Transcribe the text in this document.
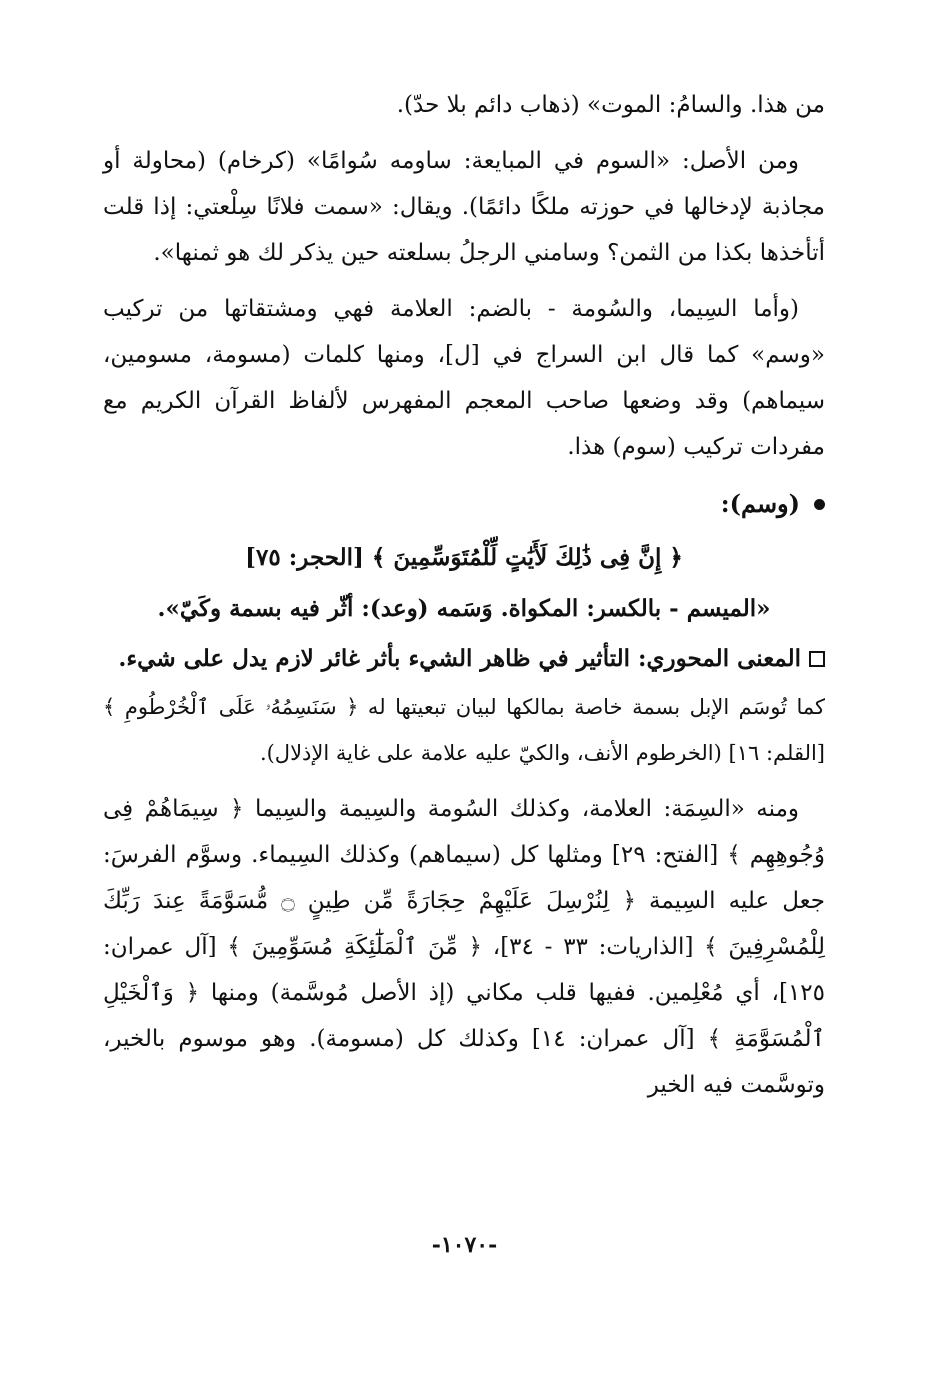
من هذا. والسامُ: الموت» (ذهاب دائم بلا حدّ).

ومن الأصل: «السوم في المبايعة: ساومه سُوامًا» (كرخام) (محاولة أو مجاذبة لإدخالها في حوزته ملكًا دائمًا). ويقال: «سمت فلانًا سِلْعتي: إذا قلت أتأخذها بكذا من الثمن؟ وسامني الرجلُ بسلعته حين يذكر لك هو ثمنها».

(وأما السِيما، والسُومة - بالضم: العلامة فهي ومشتقاتها من تركيب «وسم» كما قال ابن السراج في [ل]، ومنها كلمات (مسومة، مسومين، سيماهم) وقد وضعها صاحب المعجم المفهرس لألفاظ القرآن الكريم مع مفردات تركيب (سوم) هذا.

(وسم):

﴿ إِنَّ فِى ذَٰلِكَ لَأَيَٰتٍ لِّلْمُتَوَسِّمِينَ ﴾ [الحجر: ٧٥]

«الميسم - بالكسر: المكواة. وَسَمه (وعد): أثّر فيه بسمة وكَيّ».

المعنى المحوري: التأثير في ظاهر الشيء بأثر غائر لازم يدل على شيء.

كما تُوسَم الإبل بسمة خاصة بمالكها لبيان تبعيتها له ﴿ سَنَسِمُهُۥ عَلَى ٱلْخُرْطُومِ ﴾ [القلم: ١٦] (الخرطوم الأنف، والكيّ عليه علامة على غاية الإذلال).

ومنه «السِمَة: العلامة، وكذلك السُومة والسِيمة والسِيما ﴿ سِيمَاهُمْ فِى وُجُوهِهِم ﴾ [الفتح: ٢٩] ومثلها كل (سيماهم) وكذلك السِيماء. وسوَّم الفرسَ: جعل عليه السِيمة ﴿ لِنُرْسِلَ عَلَيْهِمْ حِجَارَةً مِّن طِينٍ ۝ مُّسَوَّمَةً عِندَ رَبِّكَ لِلْمُسْرِفِينَ ﴾ [الذاريات: ٣٣ - ٣٤]، ﴿ مِّنَ ٱلْمَلَٰٓئِكَةِ مُسَوِّمِينَ ﴾ [آل عمران: ١٢٥]، أي مُعْلِمين. ففيها قلب مكاني (إذ الأصل مُوسَّمة) ومنها ﴿ وَٱلْخَيْلِ ٱلْمُسَوَّمَةِ ﴾ [آل عمران: ١٤] وكذلك كل (مسومة). وهو موسوم بالخير، وتوسَّمت فيه الخير

-١٠٧٠-
